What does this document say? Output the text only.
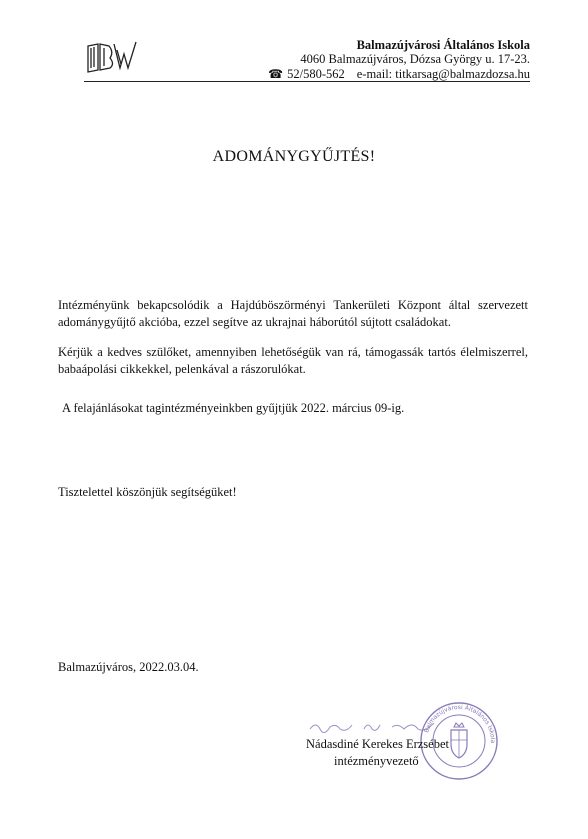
Balmazújvárosi Általános Iskola
4060 Balmazújváros, Dózsa György u. 17-23.
☎ 52/580-562 e-mail: titkarsag@balmazdozsa.hu
ADOMÁNYGYŰJTÉS!
Intézményünk bekapcsolódik a Hajdúböszörményi Tankerületi Központ által szervezett adománygyűjtő akcióba, ezzel segítve az ukrajnai háborútól sújtott családokat.
Kérjük a kedves szülőket, amennyiben lehetőségük van rá, támogassák tartós élelmiszerrel, babaápolási cikkekkel, pelenkával a rászorulókat.
A felajánlásokat tagintézményeinkben gyűjtjük 2022. március 09-ig.
Tisztelettel köszönjük segítségüket!
Balmazújváros, 2022.03.04.
Balmazújvárosi Általános Iskola
Nádasdiné Kerekes Erzsébet
intézményvezető
